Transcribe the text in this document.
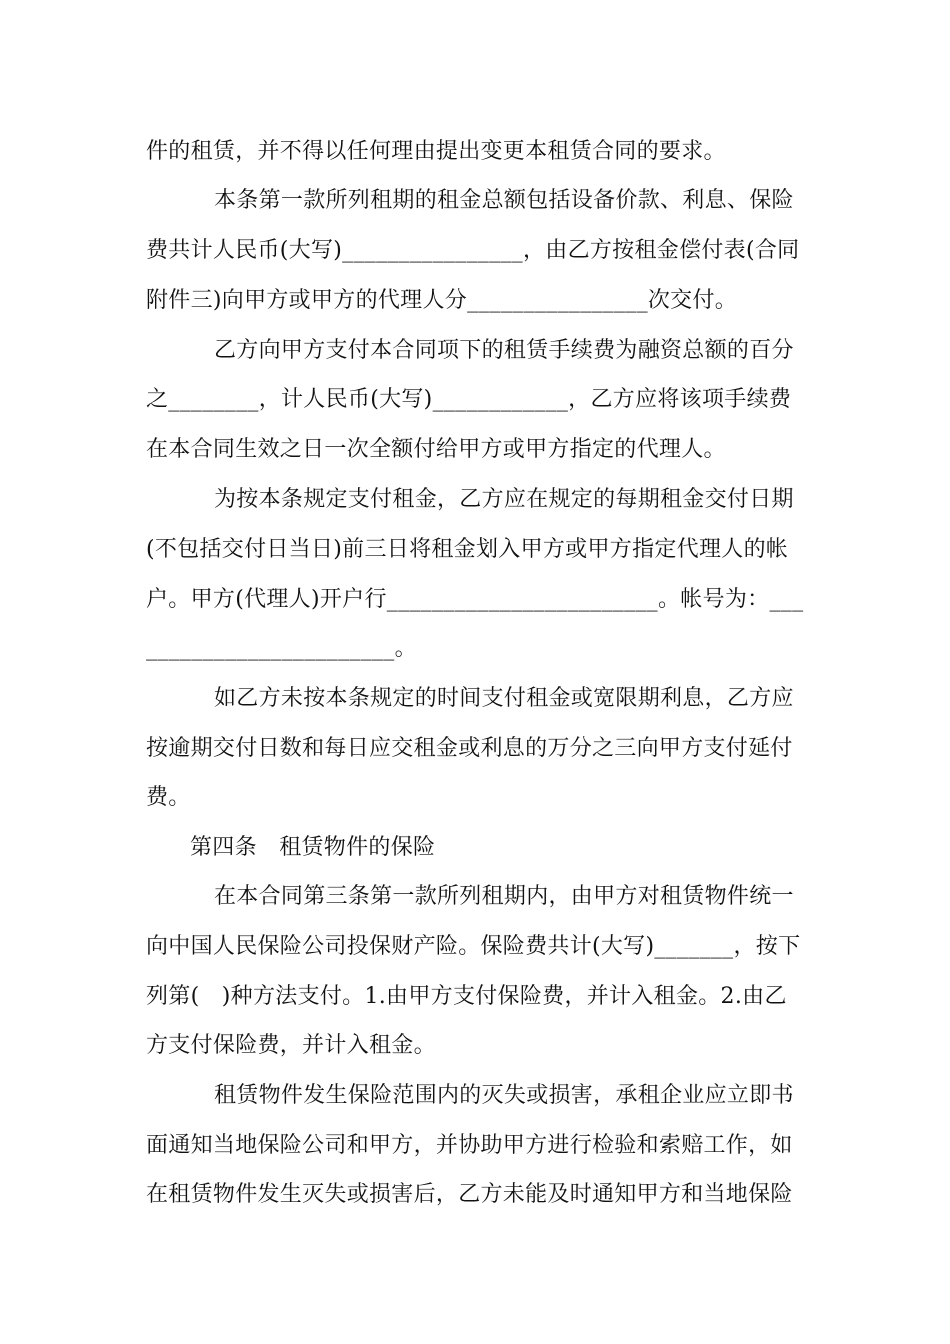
件的租赁，并不得以任何理由提出变更本租赁合同的要求。
本条第一款所列租期的租金总额包括设备价款、利息、保险
费共计人民币(大写)________________，由乙方按租金偿付表(合同
附件三)向甲方或甲方的代理人分________________次交付。
乙方向甲方支付本合同项下的租赁手续费为融资总额的百分
之________，计人民币(大写)____________，乙方应将该项手续费
在本合同生效之日一次全额付给甲方或甲方指定的代理人。
为按本条规定支付租金，乙方应在规定的每期租金交付日期
(不包括交付日当日)前三日将租金划入甲方或甲方指定代理人的帐
户。甲方(代理人)开户行________________________。帐号为：___
______________________。
如乙方未按本条规定的时间支付租金或宽限期利息，乙方应
按逾期交付日数和每日应交租金或利息的万分之三向甲方支付延付
费。
第四条　租赁物件的保险
在本合同第三条第一款所列租期内，由甲方对租赁物件统一
向中国人民保险公司投保财产险。保险费共计(大写)_______，按下
列第(　)种方法支付。1.由甲方支付保险费，并计入租金。2.由乙
方支付保险费，并计入租金。
租赁物件发生保险范围内的灭失或损害，承租企业应立即书
面通知当地保险公司和甲方，并协助甲方进行检验和索赔工作，如
在租赁物件发生灭失或损害后，乙方未能及时通知甲方和当地保险
